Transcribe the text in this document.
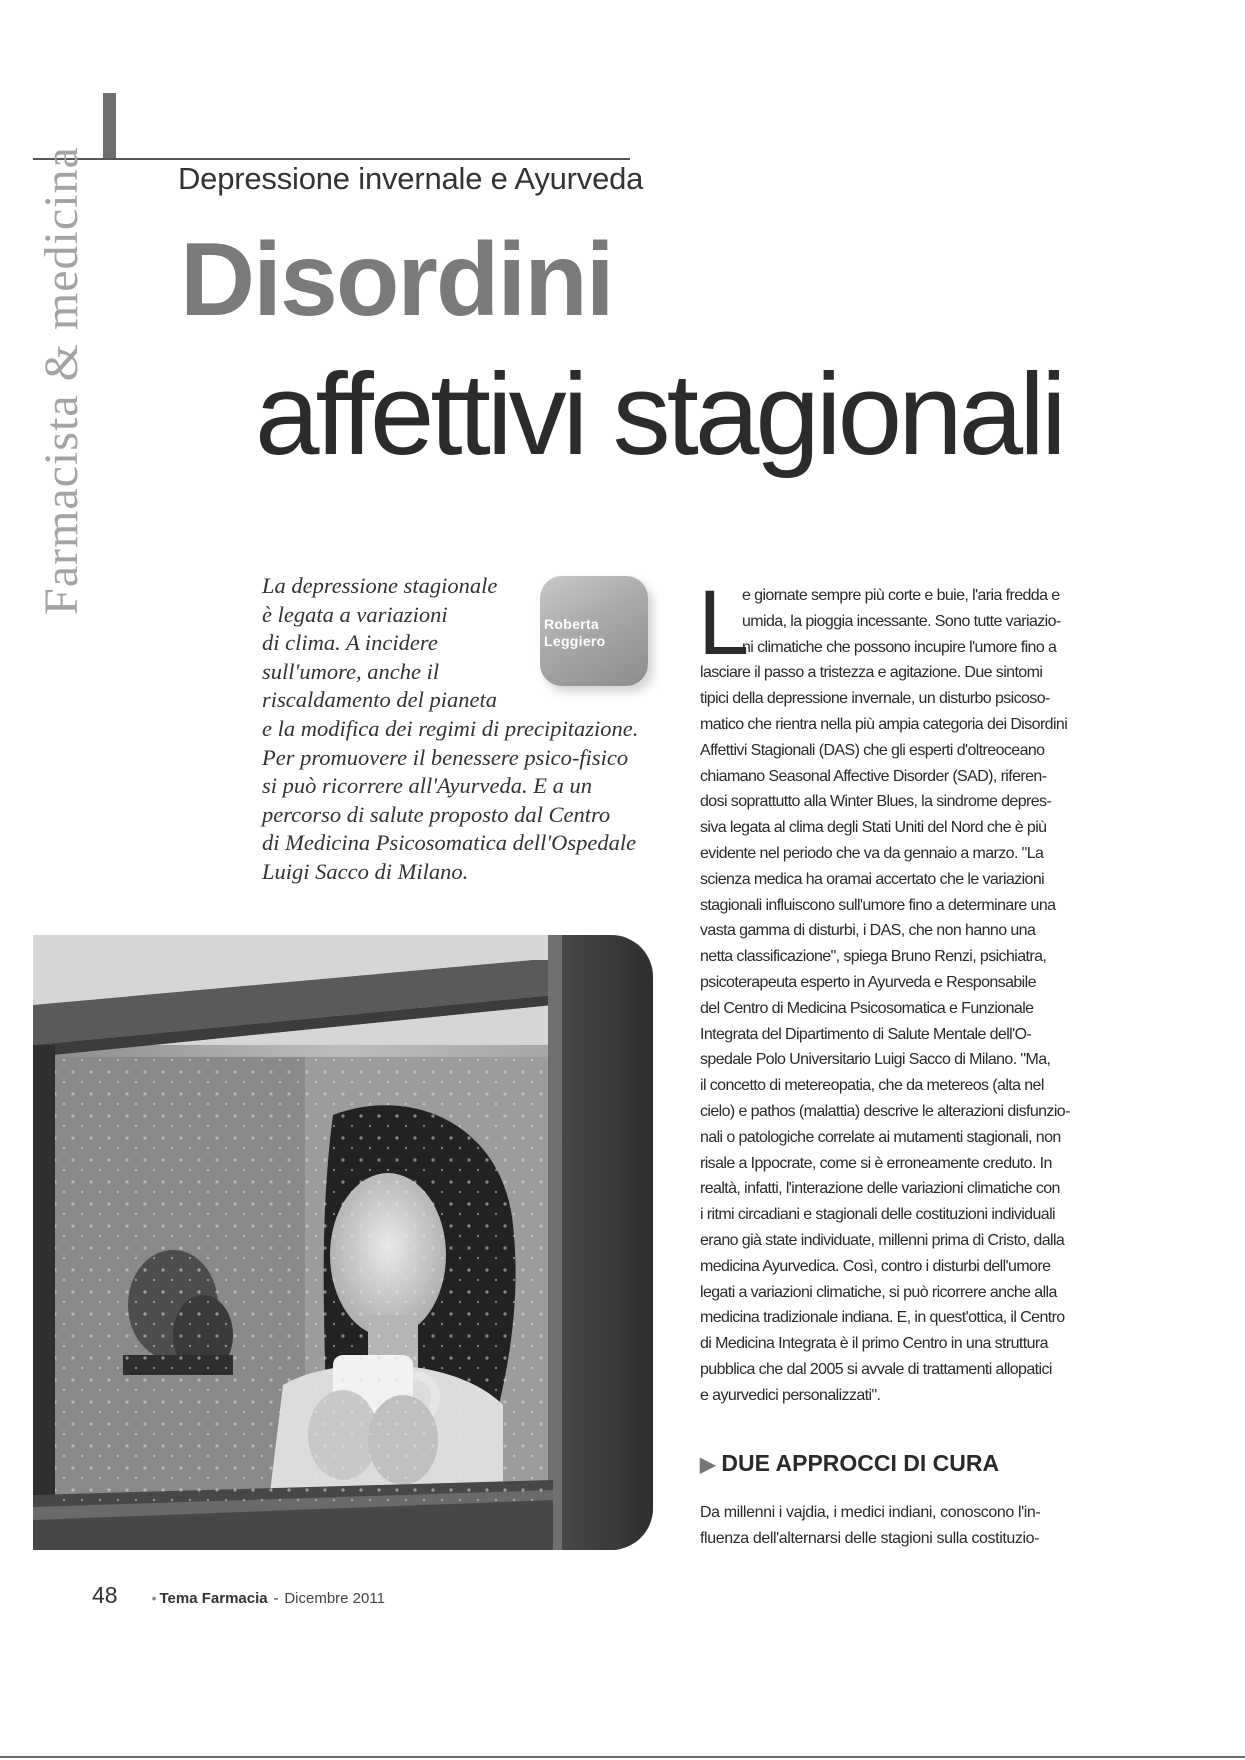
Farmacista & medicina	Depressione invernale e Ayurveda
Disordini
affettivi stagionali
La depressione stagionale
è legata a variazioni
di clima. A incidere
sull'umore, anche il
riscaldamento del pianeta
e la modifica dei regimi di precipitazione.
Per promuovere il benessere psico-fisico
si può ricorrere all'Ayurveda. E a un
percorso di salute proposto dal Centro
di Medicina Psicosomatica dell'Ospedale
Luigi Sacco di Milano.
Roberta
Leggiero L
e giornate sempre più corte e buie, l'aria fredda e
umida, la pioggia incessante. Sono tutte variazio-
ni climatiche che possono incupire l'umore fino a
lasciare il passo a tristezza e agitazione. Due sintomi
tipici della depressione invernale, un disturbo psicoso-
matico che rientra nella più ampia categoria dei Disordini
Affettivi Stagionali (DAS) che gli esperti d'oltreoceano
chiamano Seasonal Affective Disorder (SAD), riferen-
dosi soprattutto alla Winter Blues, la sindrome depres-
siva legata al clima degli Stati Uniti del Nord che è più
evidente nel periodo che va da gennaio a marzo. "La
scienza medica ha oramai accertato che le variazioni
stagionali influiscono sull'umore fino a determinare una
vasta gamma di disturbi, i DAS, che non hanno una
netta classificazione", spiega Bruno Renzi, psichiatra,
psicoterapeuta esperto in Ayurveda e Responsabile
del Centro di Medicina Psicosomatica e Funzionale
Integrata del Dipartimento di Salute Mentale dell'O-
spedale Polo Universitario Luigi Sacco di Milano. "Ma,
il concetto di metereopatia, che da metereos (alta nel
cielo) e pathos (malattia) descrive le alterazioni disfunzio-
nali o patologiche correlate ai mutamenti stagionali, non
risale a Ippocrate, come si è erroneamente creduto. In
realtà, infatti, l'interazione delle variazioni climatiche con
i ritmi circadiani e stagionali delle costituzioni individuali
erano già state individuate, millenni prima di Cristo, dalla
medicina Ayurvedica. Così, contro i disturbi dell'umore
legati a variazioni climatiche, si può ricorrere anche alla
medicina tradizionale indiana. E, in quest'ottica, il Centro
di Medicina Integrata è il primo Centro in una struttura
pubblica che dal 2005 si avvale di trattamenti allopatici
e ayurvedici personalizzati".
▶ DUE APPROCCI DI CURA
Da millenni i vajdia, i medici indiani, conoscono l'in-
fluenza dell'alternarsi delle stagioni sulla costituzio-
48 • Tema Farmacia - Dicembre 2011
